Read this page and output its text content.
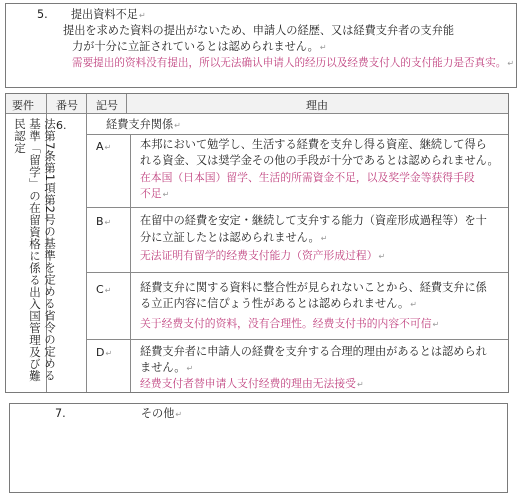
5. 提出資料不足↵
提出を求めた資料の提出がないため、申請人の経歴、又は経費支弁者の支弁能
力が十分に立証されているとは認められません。↵
需要提出的资料没有提出，所以无法确认申请人的经历以及经费支付人的支付能力是否真实。↵
要件 番号 記号	理由
法第7条第1項第2号の基準を定める省令の定める基準「留学」の在留資格に係る出入国管理及び難民認定	6.	経費支弁関係↵
A↵	本邦において勉学し、生活する経費を支弁し得る資産、継続して得ら
れる資金、又は奨学金その他の手段が十分であるとは認められません。
在本国（日本国）留学、生活的所需資金不足，以及奖学金等获得手段
不足↵
B↵	在留中の経費を安定・継続して支弁する能力（資産形成過程等）を十
分に立証したとは認められません。↵
无法证明有留学的经费支付能力（资产形成过程）↵
C↵	経費支弁に関する資料に整合性が見られないことから、経費支弁に係
る立正内容に信ぴょう性があるとは認められません。↵
关于经费支付的资料，没有合理性。经费支付书的内容不可信↵
D↵ 経費支弁者に申請人の経費を支弁する合理的理由があるとは認められ
ません。↵
经费支付者替申请人支付经费的理由无法接受↵
7.	その他↵
